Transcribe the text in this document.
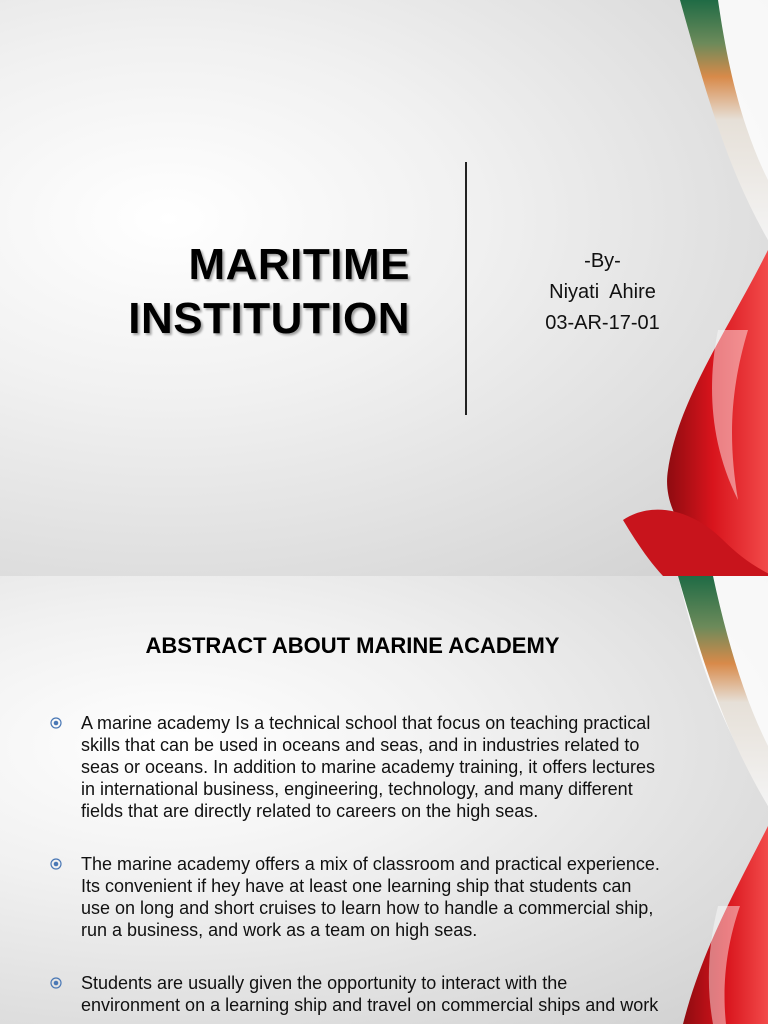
MARITIME
INSTITUTION
-By-
Niyati  Ahire
03-AR-17-01
ABSTRACT ABOUT MARINE ACADEMY
A marine academy Is a technical school that focus on teaching practical skills that can be used in oceans and seas, and in industries related to seas or oceans. In addition to marine academy training, it offers lectures in international business, engineering, technology, and many different fields that are directly related to careers on the high seas.
The marine academy offers a mix of classroom and practical experience. Its convenient if hey have at least one learning ship that students can use on long and short cruises to learn how to handle a commercial ship, run a business, and work as a team on high seas.
Students are usually given the opportunity to interact with the environment on a learning ship and travel on commercial ships and work
